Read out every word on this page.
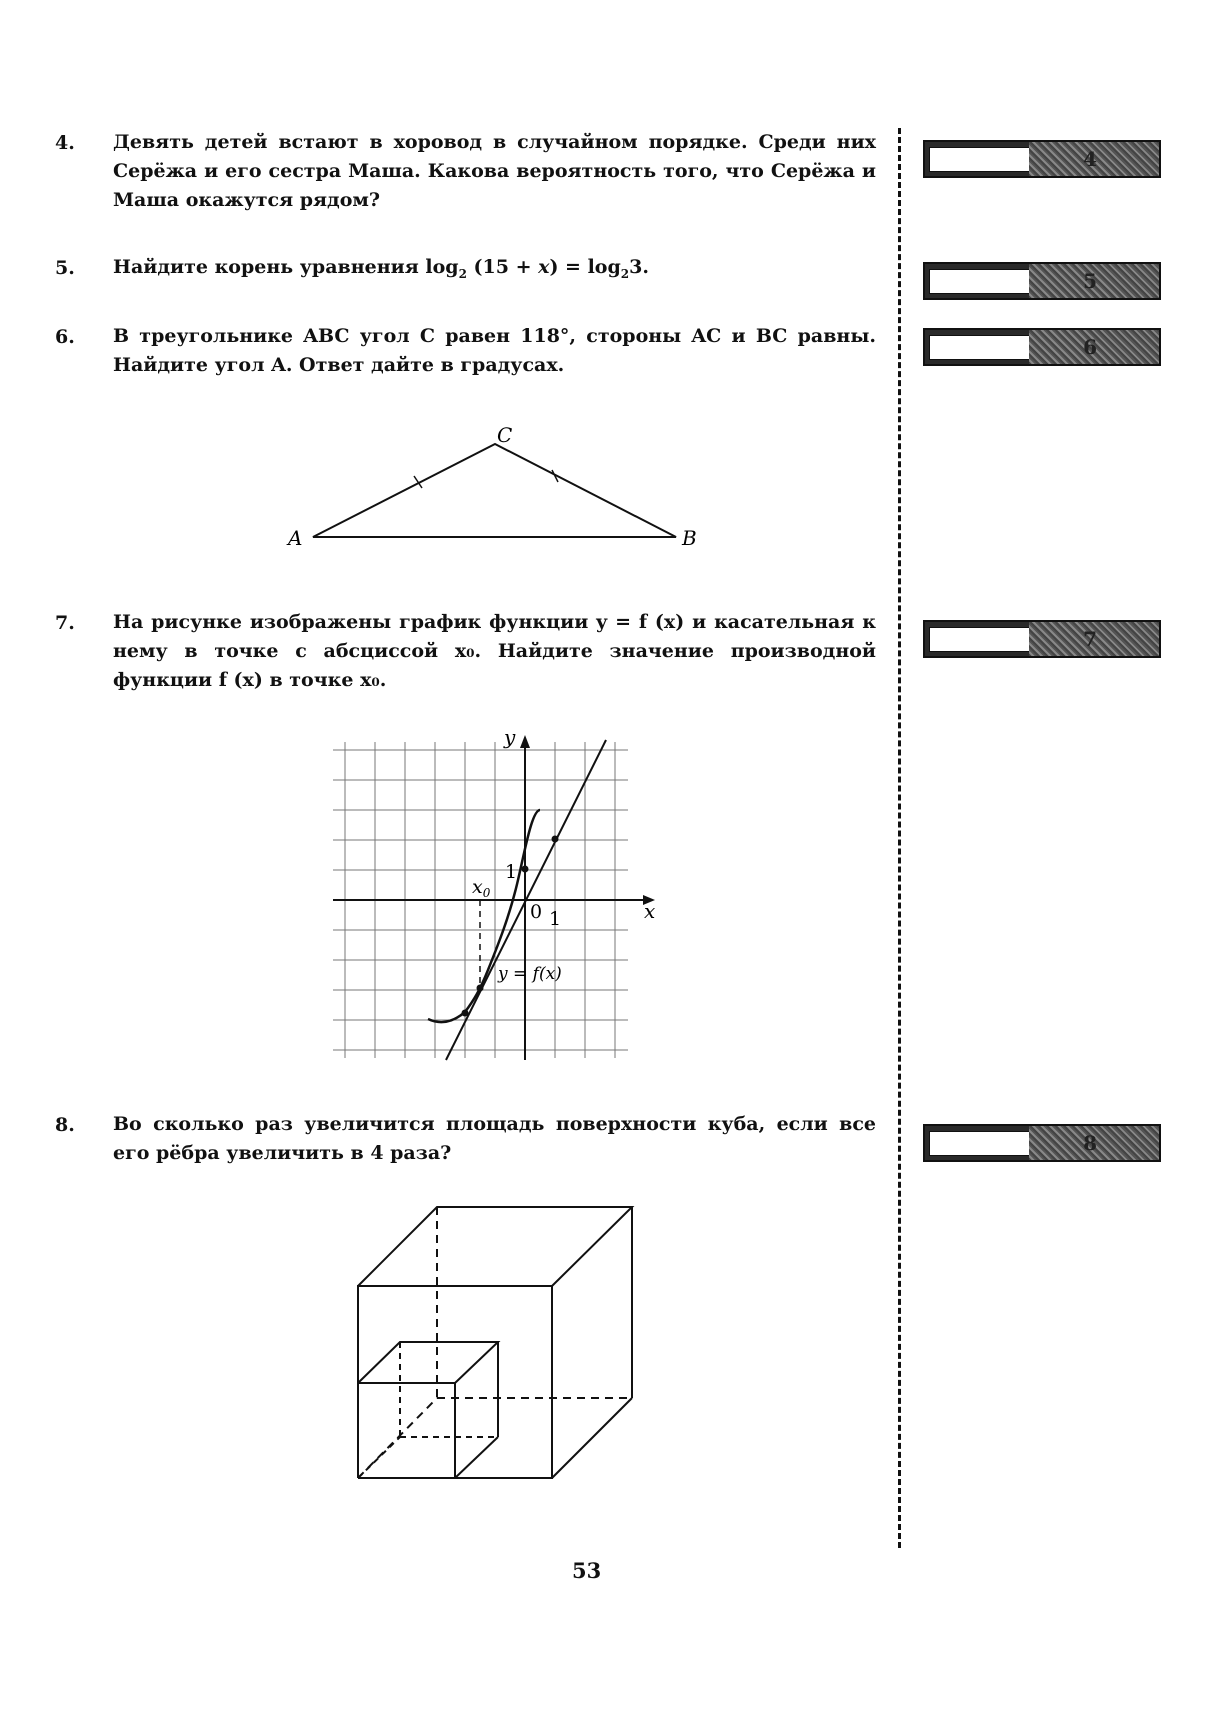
4. Девять детей встают в хоровод в случайном порядке. Среди них
Серёжа и его сестра Маша. Какова вероятность того, что Серёжа и
Маша окажутся рядом?
5. Найдите корень уравнения $\log_2 (15 + x) = \log_23$.
6. В треугольнике ABC угол C равен 118°, стороны AC и BC равны.
Найдите угол A. Ответ дайте в градусах.
C
A	B
7. На рисунке изображены график функции y = f (x) и касательная к
нему в точке с абсциссой x₀. Найдите значение производной
функции f (x) в точке x₀.
y
x
0 1
1
$x_0$
y = f(x)
8. Во сколько раз увеличится площадь поверхности куба, если все
его рёбра увеличить в 4 раза?
4
5
6
7
8
53
